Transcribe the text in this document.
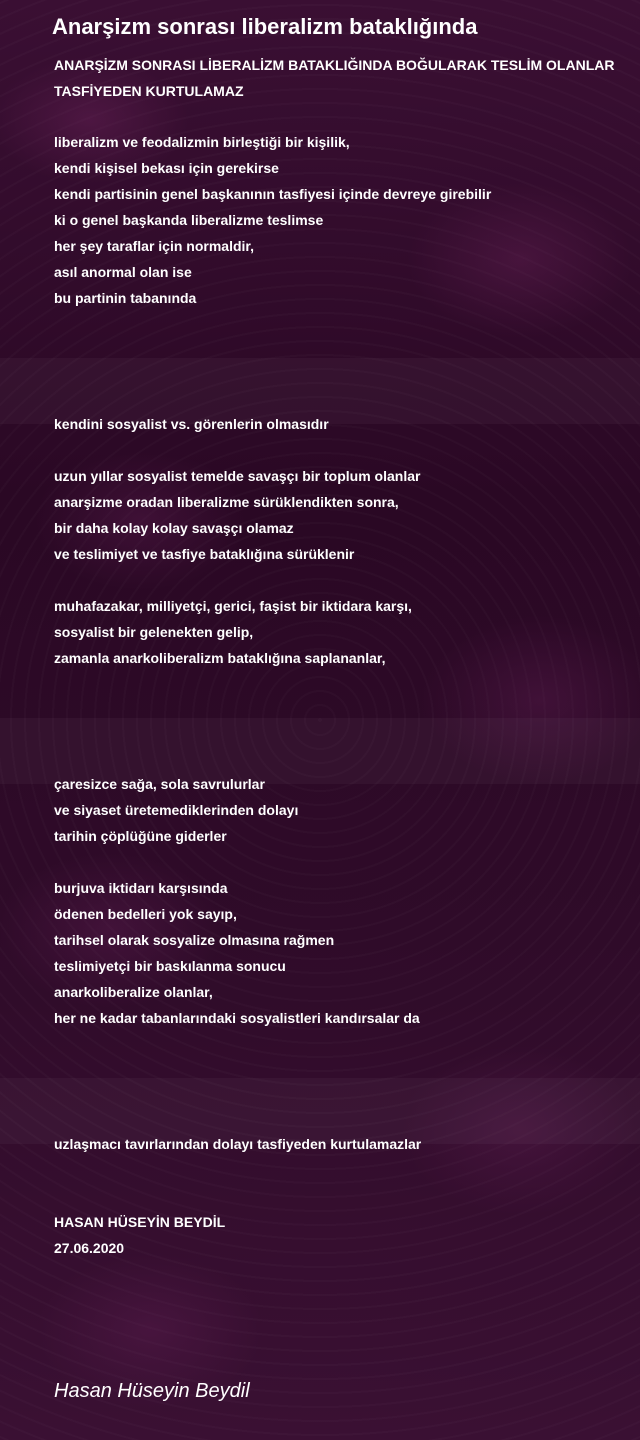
Anarşizm sonrası liberalizm bataklığında

ANARŞİZM SONRASI LİBERALİZM BATAKLIĞINDA BOĞULARAK TESLİM OLANLAR TASFİYEDEN KURTULAMAZ

liberalizm ve feodalizmin birleştiği bir kişilik,
kendi kişisel bekası için gerekirse
kendi partisinin genel başkanının tasfiyesi içinde devreye girebilir
ki o genel başkanda liberalizme teslimse
her şey taraflar için normaldir,
asıl anormal olan ise
bu partinin tabanında
kendini sosyalist vs. görenlerin olmasıdır
uzun yıllar sosyalist temelde savaşçı bir toplum olanlar
anarşizme oradan liberalizme sürüklendikten sonra,
bir daha kolay kolay savaşçı olamaz
ve teslimiyet ve tasfiye bataklığına sürüklenir
muhafazakar, milliyetçi, gerici, faşist bir iktidara karşı,
sosyalist bir gelenekten gelip,
zamanla anarkoliberalizm bataklığına saplananlar,
çaresizce sağa, sola savrulurlar
ve siyaset üretemediklerinden dolayı
tarihin çöplüğüne giderler
burjuva iktidarı karşısında
ödenen bedelleri yok sayıp,
tarihsel olarak sosyalize olmasına rağmen
teslimiyetçi bir baskılanma sonucu
anarkoliberalize olanlar,
her ne kadar tabanlarındaki sosyalistleri kandırsalar da
uzlaşmacı tavırlarından dolayı tasfiyeden kurtulamazlar
HASAN HÜSEYİN BEYDİL
27.06.2020

Hasan Hüseyin Beydil
